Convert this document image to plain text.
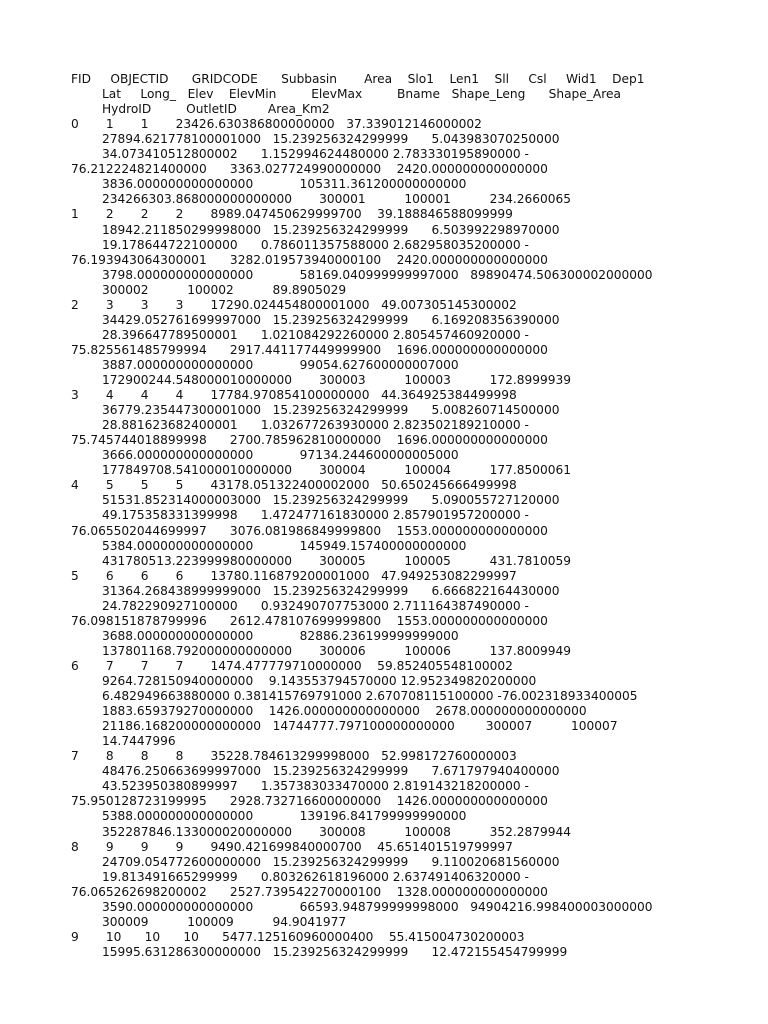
FID     OBJECTID      GRIDCODE      Subbasin       Area    Slo1    Len1    Sll     Csl     Wid1    Dep1
Lat     Long_   Elev    ElevMin         ElevMax         Bname   Shape_Leng      Shape_Area
HydroID         OutletID        Area_Km2
0       1       1       23426.630386800000000   37.339012146000002
27894.621778100001000   15.239256324299999      5.043983070250000
34.073410512800002      1.152994624480000 2.783330195890000 -
76.212224821400000      3363.027724990000000    2420.000000000000000
3836.000000000000000            105311.361200000000000
234266303.868000000000000       300001          100001          234.2660065
1       2       2       2       8989.047450629999700    39.188846588099999
18942.211850299998000   15.239256324299999      6.503992298970000
19.178644722100000      0.786011357588000 2.682958035200000 -
76.193943064300001      3282.019573940000100    2420.000000000000000
3798.000000000000000            58169.040999999997000   89890474.506300002000000
300002          100002          89.8905029
2       3       3       3       17290.024454800001000   49.007305145300002
34429.052761699997000   15.239256324299999      6.169208356390000
28.396647789500001      1.021084292260000 2.805457460920000 -
75.825561485799994      2917.441177449999900    1696.000000000000000
3887.000000000000000            99054.627600000007000
172900244.548000010000000       300003          100003          172.8999939
3       4       4       4       17784.970854100000000   44.364925384499998
36779.235447300001000   15.239256324299999      5.008260714500000
28.881623682400001      1.032677263930000 2.823502189210000 -
75.745744018899998      2700.785962810000000    1696.000000000000000
3666.000000000000000            97134.244600000005000
177849708.541000010000000       300004          100004          177.8500061
4       5       5       5       43178.051322400002000   50.650245666499998
51531.852314000003000   15.239256324299999      5.090055727120000
49.175358331399998      1.472477161830000 2.857901957200000 -
76.065502044699997      3076.081986849999800    1553.000000000000000
5384.000000000000000            145949.157400000000000
431780513.223999980000000       300005          100005          431.7810059
5       6       6       6       13780.116879200001000   47.949253082299997
31364.268438999999000   15.239256324299999      6.666822164430000
24.782290927100000      0.932490707753000 2.711164387490000 -
76.098151878799996      2612.478107699999800    1553.000000000000000
3688.000000000000000            82886.236199999999000
137801168.792000000000000       300006          100006          137.8009949
6       7       7       7       1474.477779710000000    59.852405548100002
9264.728150940000000    9.143553794570000 12.952349820200000
6.482949663880000 0.381415769791000 2.670708115100000 -76.002318933400005
1883.659379270000000    1426.000000000000000    2678.000000000000000
21186.168200000000000   14744777.797100000000000        300007          100007
14.7447996
7       8       8       8       35228.784613299998000   52.998172760000003
48476.250663699997000   15.239256324299999      7.671797940400000
43.523950380899997      1.357383033470000 2.819143218200000 -
75.950128723199995      2928.732716600000000    1426.000000000000000
5388.000000000000000            139196.841799999990000
352287846.133000020000000       300008          100008          352.2879944
8       9       9       9       9490.421699840000700    45.651401519799997
24709.054772600000000   15.239256324299999      9.110020681560000
19.813491665299999      0.803262618196000 2.637491406320000 -
76.065262698200002      2527.739542270000100    1328.000000000000000
3590.000000000000000            66593.948799999998000   94904216.998400003000000
300009          100009          94.9041977
9       10      10      10      5477.125160960000400    55.415004730200003
15995.631286300000000   15.239256324299999      12.472155454799999
